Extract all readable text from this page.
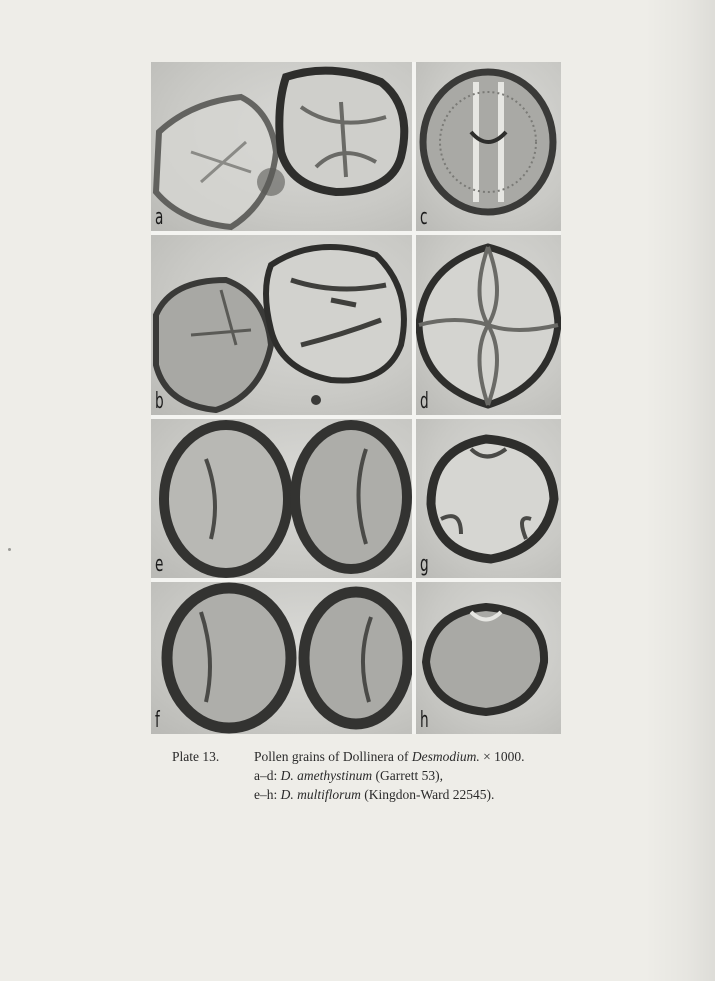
a	c
b	d
e	g
f	h
Plate 13.	Pollen grains of Dollinera of Desmodium. × 1000.
a–d: D. amethystinum (Garrett 53),
e–h: D. multiflorum (Kingdon-Ward 22545).
